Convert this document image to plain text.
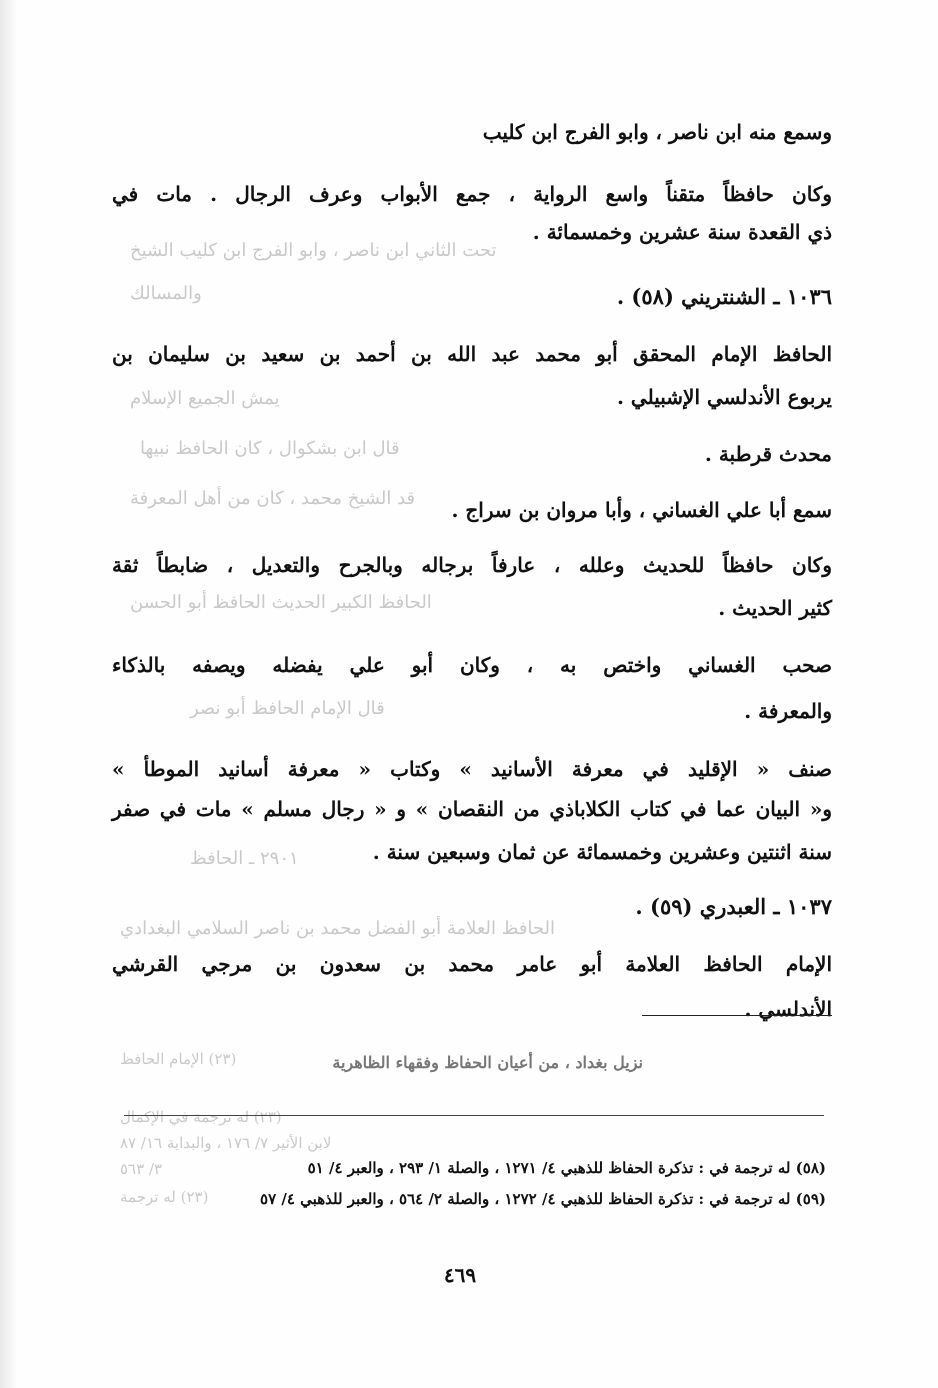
تحت الثاني ابن ناصر ، وابو الفرج ابن كليب الشيخ
والمسالك
يمش الجميع الإسلام
قال ابن بشكوال ، كان الحافظ نبيها
قد الشيخ محمد ، كان من أهل المعرفة
الحافظ الكبير الحديث الحافظ أبو الحسن
قال الإمام الحافظ أبو نصر
٢٩٠١ ـ الحافظ
الحافظ العلامة أبو الفضل محمد بن ناصر السلامي البغدادي
(٢٣) الإمام الحافظ
(٢٣) له ترجمة في الإكمال
لابن الأثير ٧/ ١٧٦ ، والبداية ١٦/ ٨٧
٣/ ٥٦٣
(٢٣) له ترجمة
وسمع منه ابن ناصر ، وابو الفرج ابن كليب
وكان حافظاً متقناً واسع الرواية ، جمع الأبواب وعرف الرجال . مات في
ذي القعدة سنة عشرين وخمسمائة .
١٠٣٦ ـ الشنتريني (٥٨) .
الحافظ الإمام المحقق أبو محمد عبد الله بن أحمد بن سعيد بن سليمان بن
يربوع الأندلسي الإشبيلي .
محدث قرطبة .
سمع أبا علي الغساني ، وأبا مروان بن سراج .
وكان حافظاً للحديث وعلله ، عارفاً برجاله وبالجرح والتعديل ، ضابطاً ثقة
كثير الحديث .
صحب الغساني واختص به ، وكان أبو علي يفضله ويصفه بالذكاء
والمعرفة .
صنف « الإقليد في معرفة الأسانيد » وكتاب « معرفة أسانيد الموطأ »
و« البيان عما في كتاب الكلاباذي من النقصان » و « رجال مسلم » مات في صفر
سنة اثنتين وعشرين وخمسمائة عن ثمان وسبعين سنة .
١٠٣٧ ـ العبدري (٥٩) .
الإمام الحافظ العلامة أبو عامر محمد بن سعدون بن مرجي القرشي
الأندلسي .
نزيل بغداد ، من أعيان الحفاظ وفقهاء الظاهرية
(٥٨) له ترجمة في : تذكرة الحفاظ للذهبي ٤/ ١٢٧١ ، والصلة ١/ ٢٩٣ ، والعبر ٤/ ٥١
(٥٩) له ترجمة في : تذكرة الحفاظ للذهبي ٤/ ١٢٧٢ ، والصلة ٢/ ٥٦٤ ، والعبر للذهبي ٤/ ٥٧
٤٦٩
